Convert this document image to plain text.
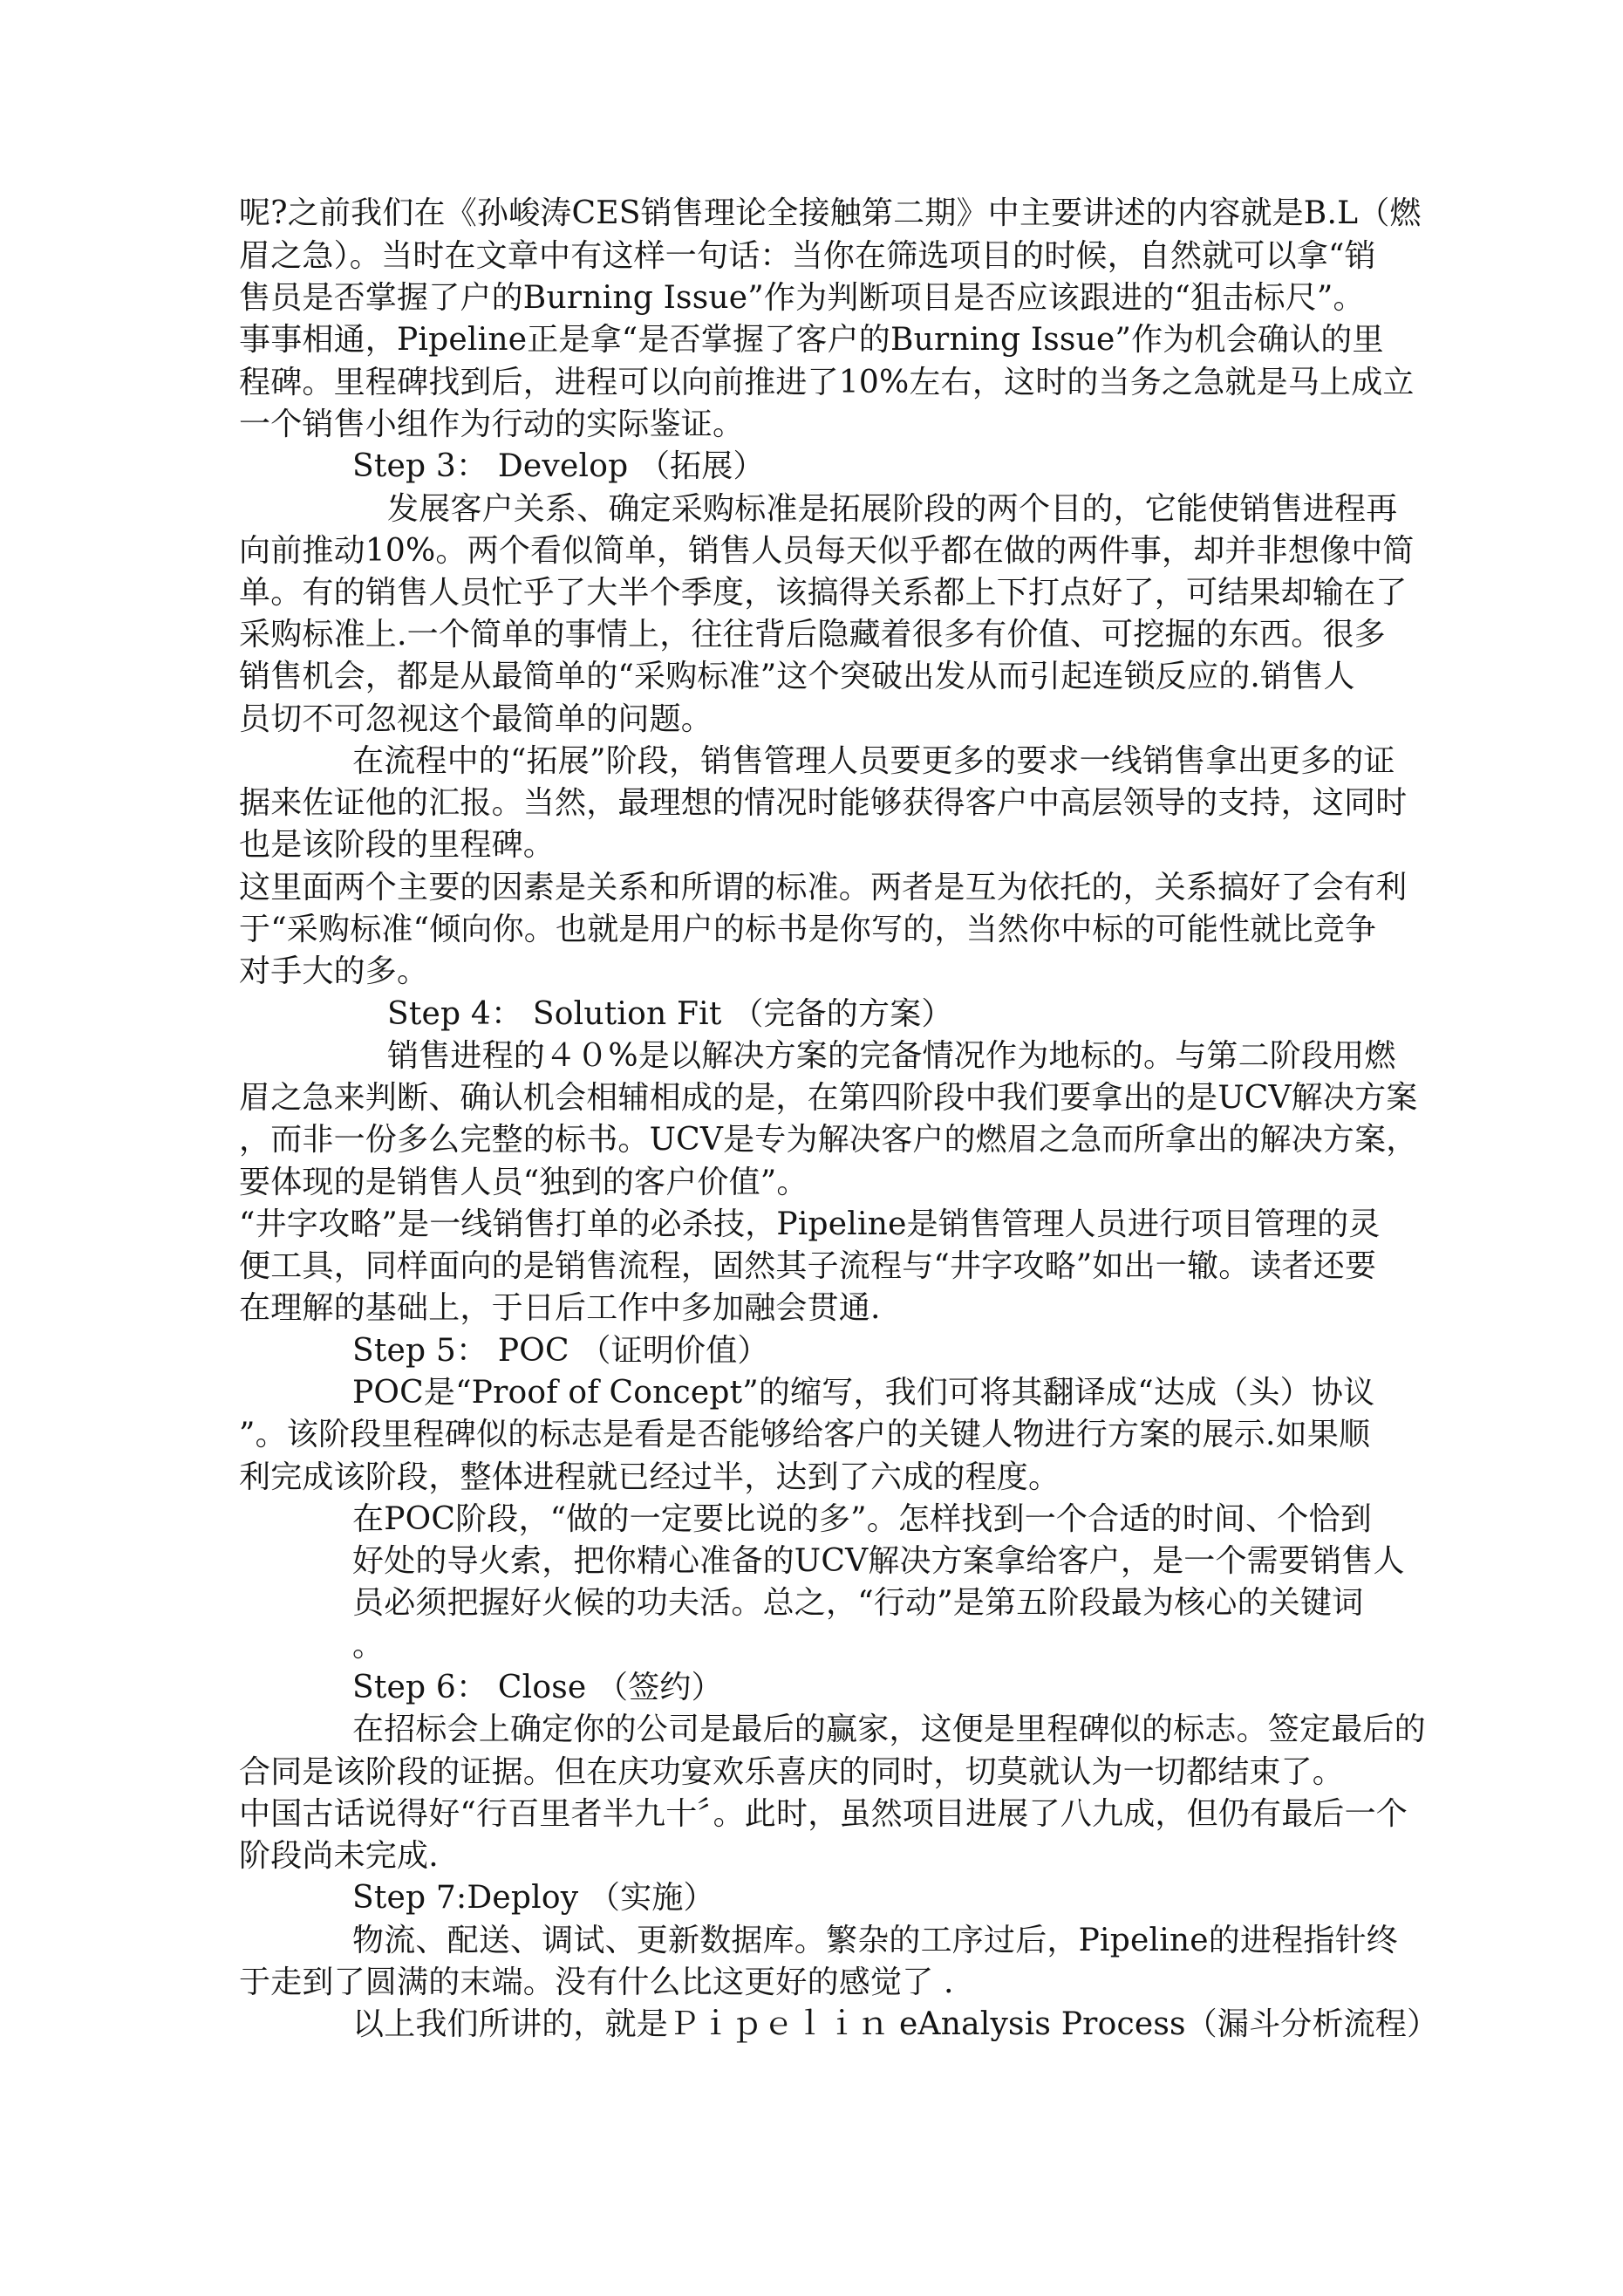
呢?之前我们在《孙峻涛CES销售理论全接触第二期》中主要讲述的内容就是B.L（燃
眉之急）。当时在文章中有这样一句话：当你在筛选项目的时候，自然就可以拿“销
售员是否掌握了户的Burning Issue”作为判断项目是否应该跟进的“狙击标尺”。
事事相通，Pipeline正是拿“是否掌握了客户的Burning Issue”作为机会确认的里
程碑。里程碑找到后，进程可以向前推进了10%左右，这时的当务之急就是马上成立
一个销售小组作为行动的实际鉴证。
Step 3： Develop （拓展）
发展客户关系、确定采购标准是拓展阶段的两个目的，它能使销售进程再
向前推动10%。两个看似简单，销售人员每天似乎都在做的两件事，却并非想像中简
单。有的销售人员忙乎了大半个季度，该搞得关系都上下打点好了，可结果却输在了
采购标准上.一个简单的事情上，往往背后隐藏着很多有价值、可挖掘的东西。很多
销售机会，都是从最简单的“采购标准”这个突破出发从而引起连锁反应的.销售人
员切不可忽视这个最简单的问题。
在流程中的“拓展”阶段，销售管理人员要更多的要求一线销售拿出更多的证
据来佐证他的汇报。当然，最理想的情况时能够获得客户中高层领导的支持，这同时
也是该阶段的里程碑。
这里面两个主要的因素是关系和所谓的标准。两者是互为依托的，关系搞好了会有利
于“采购标准“倾向你。也就是用户的标书是你写的，当然你中标的可能性就比竞争
对手大的多。
Step 4： Solution Fit （完备的方案）
销售进程的４０%是以解决方案的完备情况作为地标的。与第二阶段用燃
眉之急来判断、确认机会相辅相成的是，在第四阶段中我们要拿出的是UCV解决方案
，而非一份多么完整的标书。UCV是专为解决客户的燃眉之急而所拿出的解决方案，
要体现的是销售人员“独到的客户价值”。
“井字攻略”是一线销售打单的必杀技，Pipeline是销售管理人员进行项目管理的灵
便工具，同样面向的是销售流程，固然其子流程与“井字攻略”如出一辙。读者还要
在理解的基础上，于日后工作中多加融会贯通.
Step 5： POC （证明价值）
POC是“Proof of Concept”的缩写，我们可将其翻译成“达成（头）协议
”。该阶段里程碑似的标志是看是否能够给客户的关键人物进行方案的展示.如果顺
利完成该阶段，整体进程就已经过半，达到了六成的程度。
在POC阶段，“做的一定要比说的多”。怎样找到一个合适的时间、个恰到
好处的导火索，把你精心准备的UCV解决方案拿给客户，是一个需要销售人
员必须把握好火候的功夫活。总之，“行动”是第五阶段最为核心的关键词
。
Step 6： Close （签约）
在招标会上确定你的公司是最后的赢家，这便是里程碑似的标志。签定最后的
合同是该阶段的证据。但在庆功宴欢乐喜庆的同时，切莫就认为一切都结束了。
中国古话说得好“行百里者半九十〞。此时，虽然项目进展了八九成，但仍有最后一个
阶段尚未完成.
Step 7:Deploy （实施）
物流、配送、调试、更新数据库。繁杂的工序过后，Pipeline的进程指针终
于走到了圆满的末端。没有什么比这更好的感觉了 .
以上我们所讲的，就是Ｐｉｐｅｌｉｎ eAnalysis Process（漏斗分析流程）
